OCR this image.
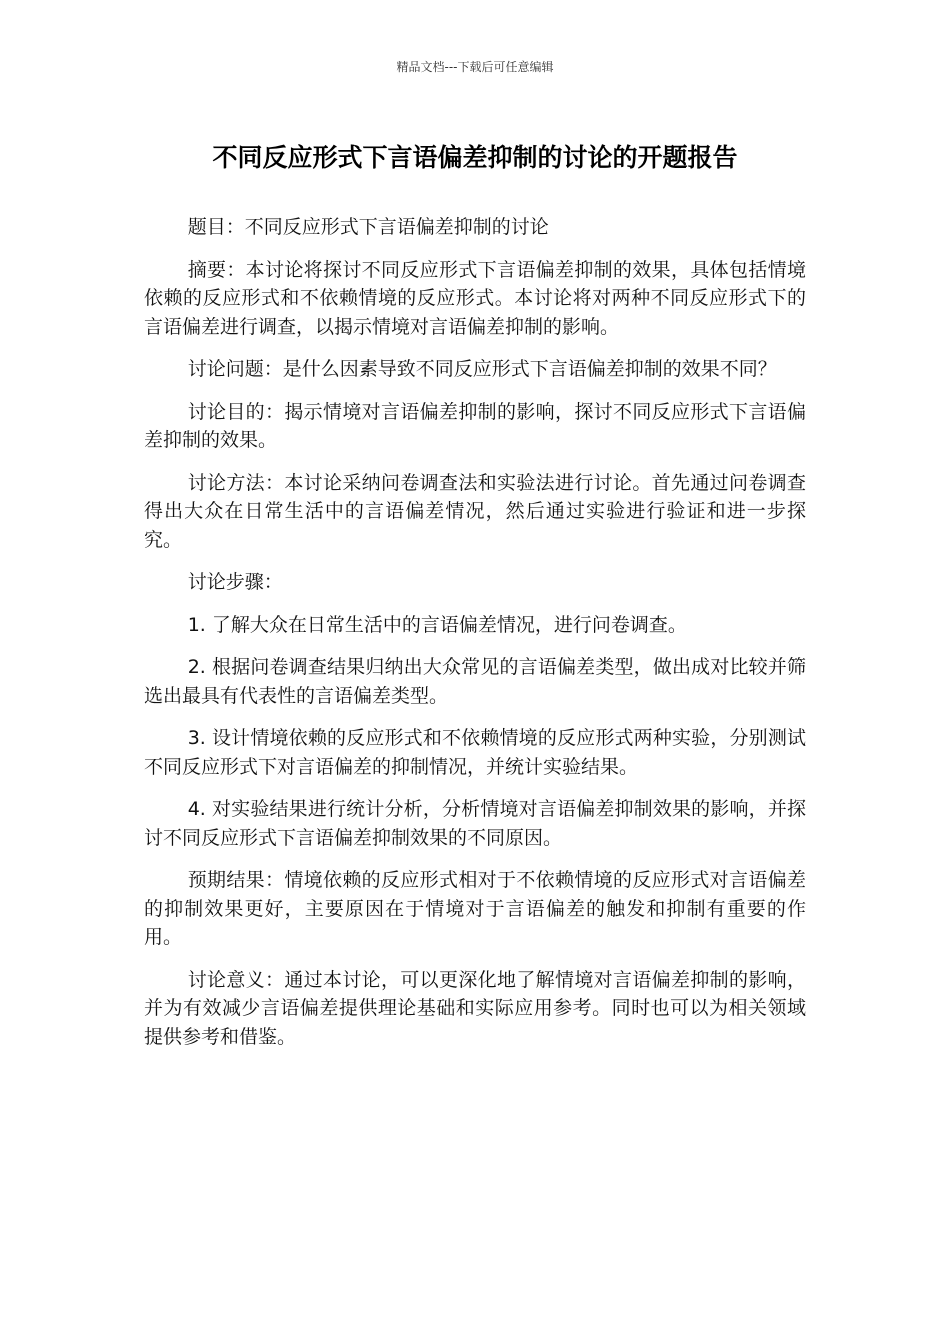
精品文档---下载后可任意编辑
不同反应形式下言语偏差抑制的讨论的开题报告

题目：不同反应形式下言语偏差抑制的讨论

摘要：本讨论将探讨不同反应形式下言语偏差抑制的效果，具体包括情境依赖的反应形式和不依赖情境的反应形式。本讨论将对两种不同反应形式下的言语偏差进行调查，以揭示情境对言语偏差抑制的影响。

讨论问题：是什么因素导致不同反应形式下言语偏差抑制的效果不同？

讨论目的：揭示情境对言语偏差抑制的影响，探讨不同反应形式下言语偏差抑制的效果。

讨论方法：本讨论采纳问卷调查法和实验法进行讨论。首先通过问卷调查得出大众在日常生活中的言语偏差情况，然后通过实验进行验证和进一步探究。

讨论步骤：

1. 了解大众在日常生活中的言语偏差情况，进行问卷调查。

2. 根据问卷调查结果归纳出大众常见的言语偏差类型，做出成对比较并筛选出最具有代表性的言语偏差类型。

3. 设计情境依赖的反应形式和不依赖情境的反应形式两种实验，分别测试不同反应形式下对言语偏差的抑制情况，并统计实验结果。

4. 对实验结果进行统计分析，分析情境对言语偏差抑制效果的影响，并探讨不同反应形式下言语偏差抑制效果的不同原因。

预期结果：情境依赖的反应形式相对于不依赖情境的反应形式对言语偏差的抑制效果更好，主要原因在于情境对于言语偏差的触发和抑制有重要的作用。

讨论意义：通过本讨论，可以更深化地了解情境对言语偏差抑制的影响，并为有效减少言语偏差提供理论基础和实际应用参考。同时也可以为相关领域提供参考和借鉴。
